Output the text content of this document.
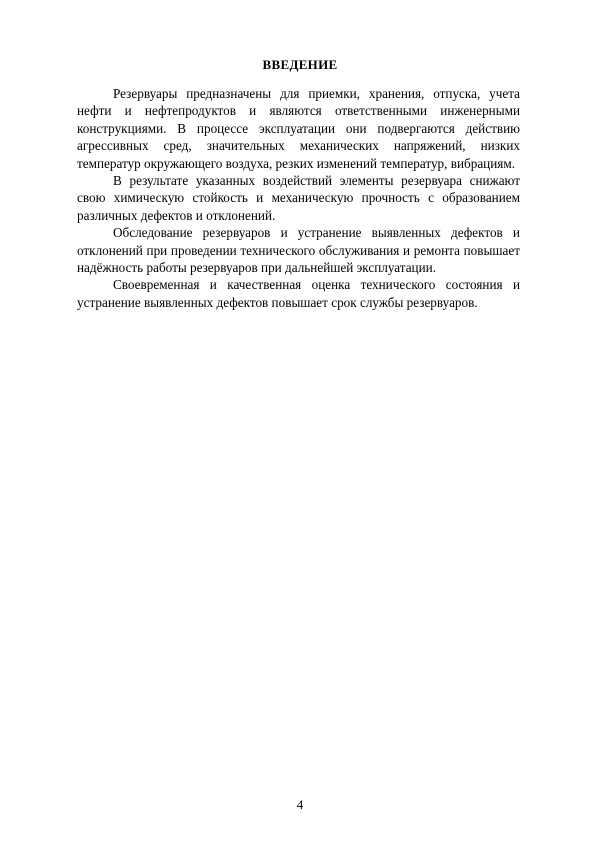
ВВЕДЕНИЕ

Резервуары предназначены для приемки, хранения, отпуска, учета нефти и нефтепродуктов и являются ответственными инженерными конструкциями. В процессе эксплуатации они подвергаются действию агрессивных сред, значительных механических напряжений, низких температур окружающего воздуха, резких изменений температур, вибрациям.

В результате указанных воздействий элементы резервуара снижают свою химическую стойкость и механическую прочность с образованием различных дефектов и отклонений.

Обследование резервуаров и устранение выявленных дефектов и отклонений при проведении технического обслуживания и ремонта повышает надёжность работы резервуаров при дальнейшей эксплуатации.

Своевременная и качественная оценка технического состояния и устранение выявленных дефектов повышает срок службы резервуаров.

4
